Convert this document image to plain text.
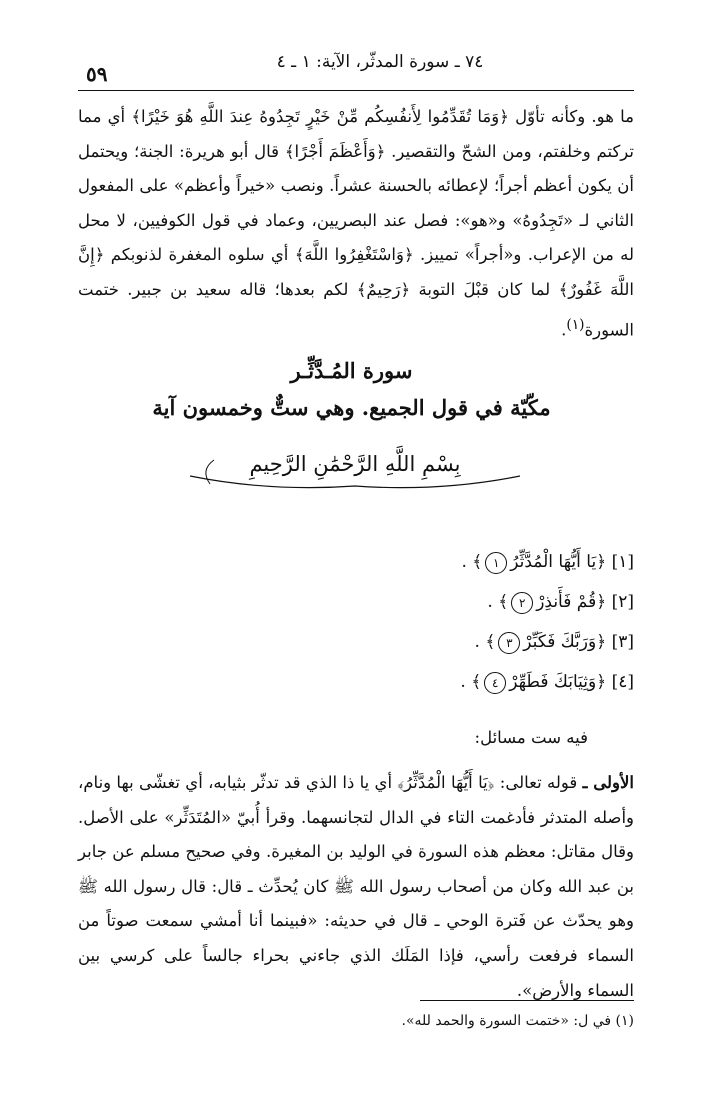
٧٤ ـ سورة المدثّر، الآية: ١ ـ ٤
٥٩
ما هو. وكأنه تأوّل ﴿وَمَا تُقَدِّمُوا لِأَنفُسِكُم مِّنْ خَيْرٍ تَجِدُوهُ عِندَ اللَّهِ هُوَ خَيْرًا﴾ أي مما تركتم وخلفتم، ومن الشحّ والتقصير. ﴿وَأَعْظَمَ أَجْرًا﴾ قال أبو هريرة: الجنة؛ ويحتمل أن يكون أعظم أجراً؛ لإعطائه بالحسنة عشراً. ونصب «خيراً وأعظم» على المفعول الثاني لـ «تَجِدُوهُ» و«هو»: فصل عند البصريين، وعماد في قول الكوفيين، لا محل له من الإعراب. و«أجراً» تمييز. ﴿وَاسْتَغْفِرُوا اللَّهَ﴾ أي سلوه المغفرة لذنوبكم ﴿إِنَّ اللَّهَ غَفُورٌ﴾ لما كان قبْلَ التوبة ﴿رَحِيمٌ﴾ لكم بعدها؛ قاله سعيد بن جبير. ختمت السورة$^{(١)}$.
سورة المُـدَّثِّـر
مكّيّة في قول الجميع. وهي ستٌّ وخمسون آية
بِسْمِ اللَّهِ الرَّحْمَٰنِ الرَّحِيمِ
[١] ﴿يَا أَيُّهَا الْمُدَّثِّرُ١﴾ .
[٢] ﴿قُمْ فَأَنذِرْ٢﴾ .
[٣] ﴿وَرَبَّكَ فَكَبِّرْ٣﴾ .
[٤] ﴿وَثِيَابَكَ فَطَهِّرْ٤﴾ .
فيه ست مسائل:
الأولى ـ قوله تعالى: ﴿يَا أَيُّهَا الْمُدَّثِّرُ﴾ أي يا ذا الذي قد تدثّر بثيابه، أي تغشّى بها ونام، وأصله المتدثر فأدغمت التاء في الدال لتجانسهما. وقرأ أُبيّ «المُتَدَثِّر» على الأصل. وقال مقاتل: معظم هذه السورة في الوليد بن المغيرة. وفي صحيح مسلم عن جابر بن عبد الله وكان من أصحاب رسول الله ﷺ كان يُحدِّث ـ قال: قال رسول الله ﷺ وهو يحدّث عن فَترة الوحي ـ قال في حديثه: «فبينما أنا أمشي سمعت صوتاً من السماء فرفعت رأسي، فإذا المَلَك الذي جاءني بحراء جالساً على كرسي بين السماء والأرض».
(١) في ل: «ختمت السورة والحمد لله».
